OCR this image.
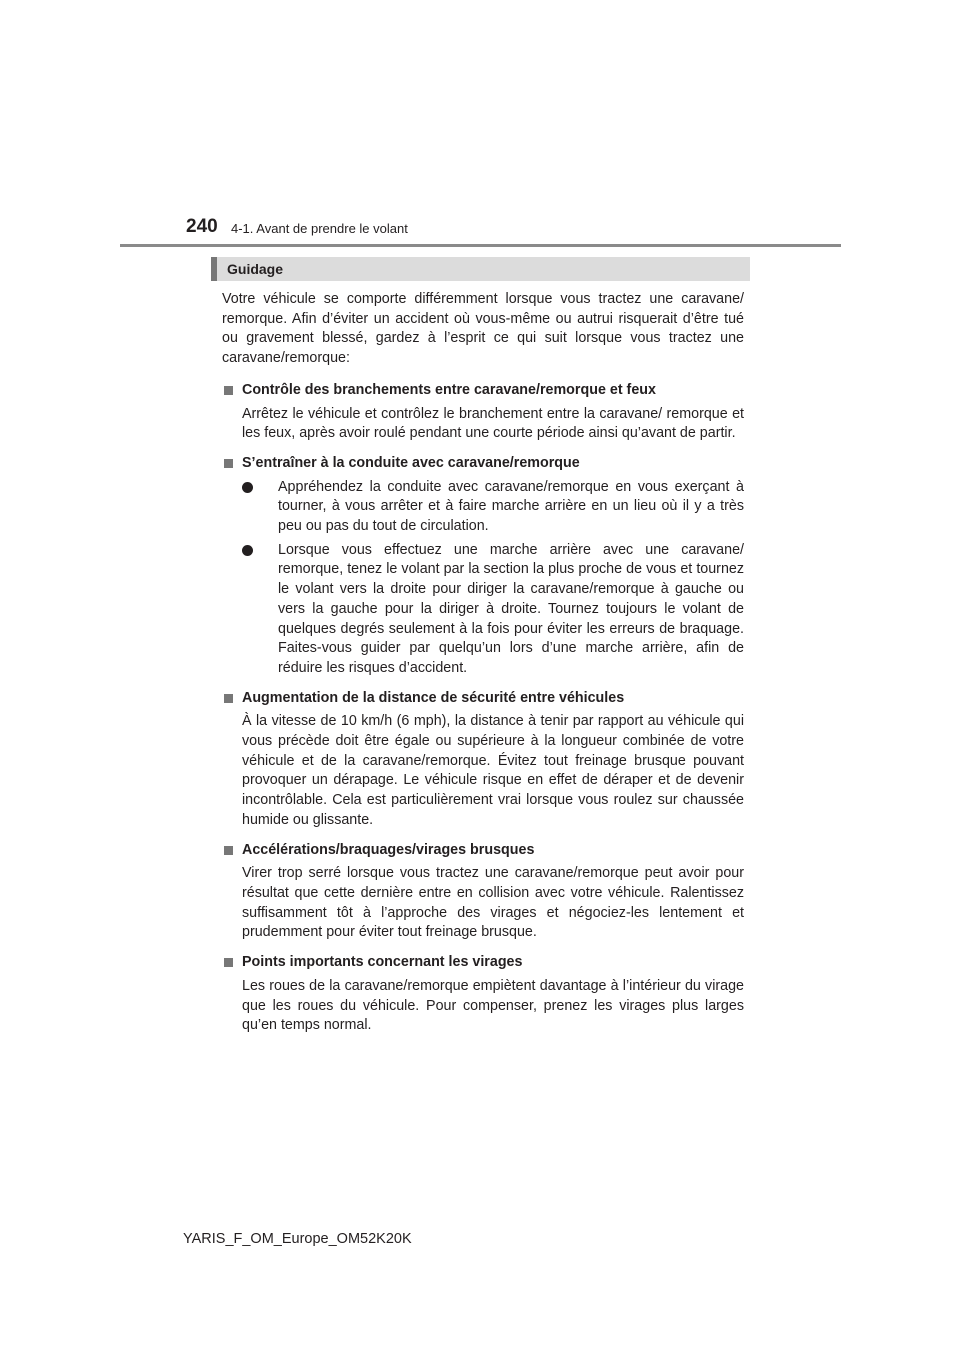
240 4-1. Avant de prendre le volant
Guidage

Votre véhicule se comporte différemment lorsque vous tractez une caravane/ remorque. Afin d’éviter un accident où vous-même ou autrui risquerait d’être tué ou gravement blessé, gardez à l’esprit ce qui suit lorsque vous tractez une caravane/remorque:

Contrôle des branchements entre caravane/remorque et feux

Arrêtez le véhicule et contrôlez le branchement entre la caravane/ remorque et les feux, après avoir roulé pendant une courte période ainsi qu’avant de partir.

S’entraîner à la conduite avec caravane/remorque
Appréhendez la conduite avec caravane/remorque en vous exerçant à tourner, à vous arrêter et à faire marche arrière en un lieu où il y a très peu ou pas du tout de circulation.
Lorsque vous effectuez une marche arrière avec une caravane/ remorque, tenez le volant par la section la plus proche de vous et tournez le volant vers la droite pour diriger la caravane/remorque à gauche ou vers la gauche pour la diriger à droite. Tournez toujours le volant de quelques degrés seulement à la fois pour éviter les erreurs de braquage. Faites-vous guider par quelqu’un lors d’une marche arrière, afin de réduire les risques d’accident.
Augmentation de la distance de sécurité entre véhicules

À la vitesse de 10 km/h (6 mph), la distance à tenir par rapport au véhicule qui vous précède doit être égale ou supérieure à la longueur combinée de votre véhicule et de la caravane/remorque. Évitez tout freinage brusque pouvant provoquer un dérapage. Le véhicule risque en effet de déraper et de devenir incontrôlable. Cela est particulièrement vrai lorsque vous roulez sur chaussée humide ou glissante.

Accélérations/braquages/virages brusques

Virer trop serré lorsque vous tractez une caravane/remorque peut avoir pour résultat que cette dernière entre en collision avec votre véhicule. Ralentissez suffisamment tôt à l’approche des virages et négociez-les lentement et prudemment pour éviter tout freinage brusque.

Points importants concernant les virages

Les roues de la caravane/remorque empiètent davantage à l’intérieur du virage que les roues du véhicule. Pour compenser, prenez les virages plus larges qu’en temps normal.

YARIS_F_OM_Europe_OM52K20K
